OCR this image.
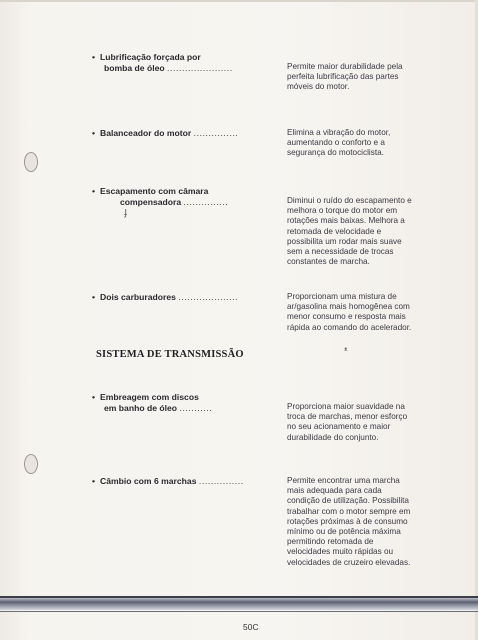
• Lubrificação forçada por
bomba de óleo ......................	Permite maior durabilidade pela
perfeita lubrificação das partes
móveis do motor.
• Balanceador do motor ...............	Elimina a vibração do motor,
aumentando o conforto e a
segurança do motociclista.
• Escapamento com câmara
compensadora ...............
ɟ
Diminui o ruído do escapamento e
melhora o torque do motor em
rotações mais baixas. Melhora a
retomada de velocidade e
possibilita um rodar mais suave
sem a necessidade de trocas
constantes de marcha.
• Dois carburadores ....................	Proporcionam uma mistura de
ar/gasolina mais homogênea com
menor consumo e resposta mais
rápida ao comando do acelerador.
SISTEMA DE TRANSMISSÃO	ᵜ
• Embreagem com discos
em banho de óleo ...........	Proporciona maior suavidade na
troca de marchas, menor esforço
no seu acionamento e maior
durabilidade do conjunto.
• Câmbio com 6 marchas ...............	Permite encontrar uma marcha
mais adequada para cada
condição de utilização. Possibilita
trabalhar com o motor sempre em
rotações próximas à de consumo
mínimo ou de potência máxima
permitindo retomada de
velocidades muito rápidas ou
velocidades de cruzeiro elevadas.
50C
